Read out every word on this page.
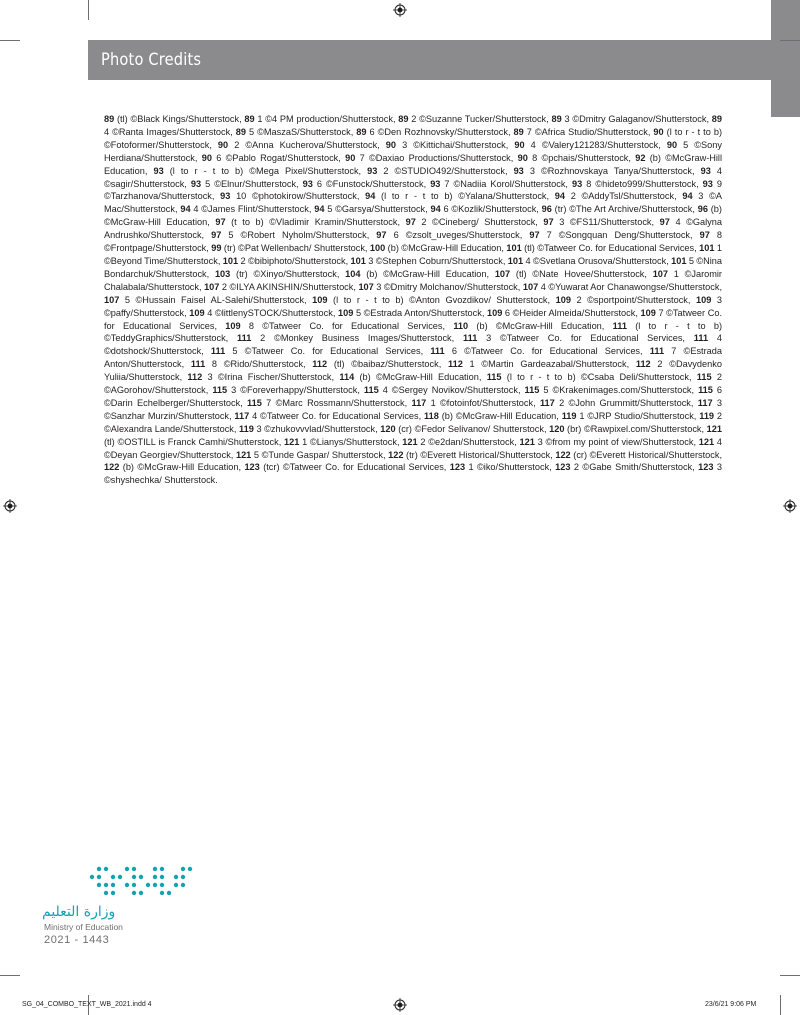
Photo Credits
89 (tl) ©Black Kings/Shutterstock, 89 1 ©4 PM production/Shutterstock, 89 2 ©Suzanne Tucker/Shutterstock, 89 3 ©Dmitry Galaganov/Shutterstock, 89 4 ©Ranta Images/Shutterstock, 89 5 ©MaszaS/Shutterstock, 89 6 ©Den Rozhnovsky/Shutterstock, 89 7 ©Africa Studio/Shutterstock, 90 (l to r - t to b) ©Fotoformer/Shutterstock, 90 2 ©Anna Kucherova/Shutterstock, 90 3 ©Kittichai/Shutterstock, 90 4 ©Valery121283/Shutterstock, 90 5 ©Sony Herdiana/Shutterstock, 90 6 ©Pablo Rogat/Shutterstock, 90 7 ©Daxiao Productions/Shutterstock, 90 8 ©pchais/Shutterstock, 92 (b) ©McGraw-Hill Education, 93 (l to r - t to b) ©Mega Pixel/Shutterstock, 93 2 ©STUDIO492/Shutterstock, 93 3 ©Rozhnovskaya Tanya/Shutterstock, 93 4 ©sagir/Shutterstock, 93 5 ©Elnur/Shutterstock, 93 6 ©Funstock/Shutterstock, 93 7 ©Nadiia Korol/Shutterstock, 93 8 ©hideto999/Shutterstock, 93 9 ©Tarzhanova/Shutterstock, 93 10 ©photokirow/Shutterstock, 94 (l to r - t to b) ©Yalana/Shutterstock, 94 2 ©AddyTsl/Shutterstock, 94 3 ©A Mac/Shutterstock, 94 4 ©James Flint/Shutterstock, 94 5 ©Garsya/Shutterstock, 94 6 ©Kozlik/Shutterstock, 96 (tr) ©The Art Archive/Shutterstock, 96 (b) ©McGraw-Hill Education, 97 (t to b) ©Vladimir Kramin/Shutterstock, 97 2 ©Cineberg/ Shutterstock, 97 3 ©FS11/Shutterstock, 97 4 ©Galyna Andrushko/Shutterstock, 97 5 ©Robert Nyholm/Shutterstock, 97 6 ©zsolt_uveges/Shutterstock, 97 7 ©Songquan Deng/Shutterstock, 97 8 ©Frontpage/Shutterstock, 99 (tr) ©Pat Wellenbach/ Shutterstock, 100 (b) ©McGraw-Hill Education, 101 (tl) ©Tatweer Co. for Educational Services, 101 1 ©Beyond Time/Shutterstock, 101 2 ©bibiphoto/Shutterstock, 101 3 ©Stephen Coburn/Shutterstock, 101 4 ©Svetlana Orusova/Shutterstock, 101 5 ©Nina Bondarchuk/Shutterstock, 103 (tr) ©Xinyo/Shutterstock, 104 (b) ©McGraw-Hill Education, 107 (tl) ©Nate Hovee/Shutterstock, 107 1 ©Jaromir Chalabala/Shutterstock, 107 2 ©ILYA AKINSHIN/Shutterstock, 107 3 ©Dmitry Molchanov/Shutterstock, 107 4 ©Yuwarat Aor Chanawongse/Shutterstock, 107 5 ©Hussain Faisel AL-Salehi/Shutterstock, 109 (l to r - t to b) ©Anton Gvozdikov/ Shutterstock, 109 2 ©sportpoint/Shutterstock, 109 3 ©paffy/Shutterstock, 109 4 ©littlenySTOCK/Shutterstock, 109 5 ©Estrada Anton/Shutterstock, 109 6 ©Heider Almeida/Shutterstock, 109 7 ©Tatweer Co. for Educational Services, 109 8 ©Tatweer Co. for Educational Services, 110 (b) ©McGraw-Hill Education, 111 (l to r - t to b) ©TeddyGraphics/Shutterstock, 111 2 ©Monkey Business Images/Shutterstock, 111 3 ©Tatweer Co. for Educational Services, 111 4 ©dotshock/Shutterstock, 111 5 ©Tatweer Co. for Educational Services, 111 6 ©Tatweer Co. for Educational Services, 111 7 ©Estrada Anton/Shutterstock, 111 8 ©Rido/Shutterstock, 112 (tl) ©baibaz/Shutterstock, 112 1 ©Martin Gardeazabal/Shutterstock, 112 2 ©Davydenko Yuliia/Shutterstock, 112 3 ©Irina Fischer/Shutterstock, 114 (b) ©McGraw-Hill Education, 115 (l to r - t to b) ©Csaba Deli/Shutterstock, 115 2 ©AGorohov/Shutterstock, 115 3 ©Foreverhappy/Shutterstock, 115 4 ©Sergey Novikov/Shutterstock, 115 5 ©Krakenimages.com/Shutterstock, 115 6 ©Darin Echelberger/Shutterstock, 115 7 ©Marc Rossmann/Shutterstock, 117 1 ©fotoinfot/Shutterstock, 117 2 ©John Grummitt/Shutterstock, 117 3 ©Sanzhar Murzin/Shutterstock, 117 4 ©Tatweer Co. for Educational Services, 118 (b) ©McGraw-Hill Education, 119 1 ©JRP Studio/Shutterstock, 119 2 ©Alexandra Lande/Shutterstock, 119 3 ©zhukovvvlad/Shutterstock, 120 (cr) ©Fedor Selivanov/ Shutterstock, 120 (br) ©Rawpixel.com/Shutterstock, 121 (tl) ©OSTILL is Franck Camhi/Shutterstock, 121 1 ©Lianys/Shutterstock, 121 2 ©e2dan/Shutterstock, 121 3 ©from my point of view/Shutterstock, 121 4 ©Deyan Georgiev/Shutterstock, 121 5 ©Tunde Gaspar/ Shutterstock, 122 (tr) ©Everett Historical/Shutterstock, 122 (cr) ©Everett Historical/Shutterstock, 122 (b) ©McGraw-Hill Education, 123 (tcr) ©Tatweer Co. for Educational Services, 123 1 ©iko/Shutterstock, 123 2 ©Gabe Smith/Shutterstock, 123 3 ©shyshechka/ Shutterstock.
وزارة التعليم
Ministry of Education
2021 - 1443
SG_04_COMBO_TEXT_WB_2021.indd 4	23/6/21 9:06 PM
